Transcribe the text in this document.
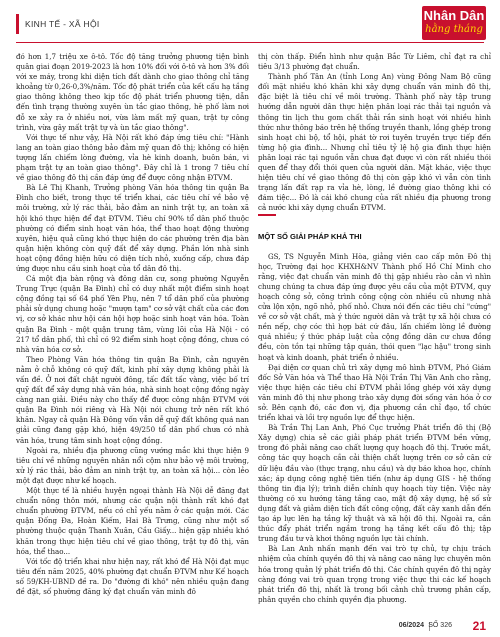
KINH TẾ - XÃ HỘI
Nhân Dân
hằng tháng

đó hơn 1,7 triệu xe ô-tô. Tốc độ tăng trưởng phương tiện bình quân giai đoạn 2019-2023 là hơn 10% đối với ô-tô và hơn 3% đối với xe máy, trong khi diện tích đất dành cho giao thông chỉ tăng khoảng từ 0,26-0,3%/năm. Tốc độ phát triển của kết cấu hạ tầng giao thông không theo kịp tốc độ phát triển phương tiện, dẫn đến tình trạng thường xuyên ùn tắc giao thông, hè phố làm nơi đỗ xe xảy ra ở nhiều nơi, vừa làm mất mỹ quan, trật tự công trình, vừa gây mất trật tự và ùn tắc giao thông".

Với thực tế như vậy, Hà Nội rất khó đáp ứng tiêu chí: "Hành lang an toàn giao thông bảo đảm mỹ quan đô thị; không có hiện tượng lấn chiếm lòng đường, vỉa hè kinh doanh, buôn bán, vi phạm trật tự an toàn giao thông". Đây chỉ là 1 trong 7 tiêu chí về giao thông đô thị cần đáp ứng để được công nhận ĐTVM.

Bà Lê Thị Khanh, Trưởng phòng Văn hóa thông tin quận Ba Đình cho biết, trong thực tế triển khai, các tiêu chí về bảo vệ môi trường, xử lý rác thải, bảo đảm an ninh trật tự, an toàn xã hội khó thực hiện để đạt ĐTVM. Tiêu chí 90% tổ dân phố thuộc phường có điểm sinh hoạt văn hóa, thể thao hoạt động thường xuyên, hiệu quả cũng khó thực hiện do các phường trên địa bàn quận hiện không còn quỹ đất để xây dựng. Phần lớn nhà sinh hoạt cộng đồng hiện hữu có diện tích nhỏ, xuống cấp, chưa đáp ứng được nhu cầu sinh hoạt của tổ dân đô thị.

Cá một địa bàn rộng và đông dân cư, song phường Nguyễn Trung Trực (quận Ba Đình) chỉ có duy nhất một điểm sinh hoạt cộng đồng tại số 64 phố Yên Phụ, nên 7 tổ dân phố của phường phải sử dụng chung hoặc "mượn tạm" cơ sở vật chất của các đơn vị, cơ sở khác như hội cán hội hợp hoặc sinh hoạt văn hóa. Toàn quận Ba Đình - một quận trung tâm, vùng lõi của Hà Nội - có 217 tổ dân phố, thì chỉ có 92 điểm sinh hoạt cộng đồng, chưa có nhà văn hóa cơ sở.

Theo Phòng Văn hóa thông tin quận Ba Đình, cản nguyên nằm ở chỗ không có quỹ đất, kinh phí xây dựng không phải là vấn đề. Ở nơi đất chật người đông, tấc đất tấc vàng, việc bố trí quỹ đất để xây dựng nhà văn hóa, nhà sinh hoạt cộng đồng ngày càng nan giải. Điều này cho thấy để được công nhận ĐTVM với quận Ba Đình nói riêng và Hà Nội nói chung trở nên rất khó khăn. Ngay cả quận Hà Đông vốn vẫn dễ quỹ đất không quá nan giải cũng đang gặp khó, hiện 49/250 tổ dân phố chưa có nhà văn hóa, trung tâm sinh hoạt cộng đồng.

Ngoài ra, nhiều địa phương cũng vướng mắc khi thực hiện 9 tiêu chí về những nguyên nhân nổi cộm như bảo vệ môi trường, xử lý rác thải, bảo đảm an ninh trật tự, an toàn xã hội... còn lẻo một đạt được như kế hoạch.

Một thực tế là nhiều huyện ngoại thành Hà Nội dễ đăng đạt chuẩn nông thôn mới, nhưng các quận nội thành rất khó đạt chuẩn phường ĐTVM, nếu có chỉ yếu nằm ở các quận mới. Các quận Đống Đa, Hoàn Kiếm, Hai Bà Trưng, cũng như một số phường thuộc quận Thanh Xuân, Cầu Giấy... hiện gặp nhiều khó khăn trong thực hiện tiêu chí về giao thông, trật tự đô thị, văn hóa, thể thao...

Với tốc độ triển khai như hiện nay, rất khó để Hà Nội đạt mục tiêu đến năm 2025, 40% phường đạt chuẩn ĐTVM như Kế hoạch số 59/KH-UBND đề ra. Do "đường đi khó" nên nhiều quận đang đề đặt, số phường đăng ký đạt chuẩn văn minh đô

thị còn thấp. Điển hình như quận Bắc Từ Liêm, chỉ đạt ra chỉ tiêu 3/13 phường đạt chuẩn.

Thành phố Tân An (tỉnh Long An) vùng Đông Nam Bộ cũng đối mặt nhiều khó khăn khi xây dựng chuẩn văn minh đô thị, đặc biệt là tiêu chí về môi trường. Thành phố này tập trung hướng dẫn người dân thực hiện phân loại rác thải tại nguồn và thông tin lịch thu gom chất thải rắn sinh hoạt với nhiều hình thức như thông báo trên hệ thống truyền thanh, lồng ghép trong sinh hoạt chi bộ, tổ hội, phát tờ rơi tuyên truyền trực tiếp đến từng hộ gia đình... Nhưng chỉ tiêu tỷ lệ hộ gia đình thực hiện phân loại rác tại nguồn vẫn chưa đạt được vì còn rất nhiều thói quen để thay đổi thói quen của người dân. Mặt khác, việc thực hiện tiêu chí về giao thông đô thị còn gặp khó vì vẫn còn tình trạng lấn đất rạp ra vỉa hè, lòng, lề đường giao thông khi có đám tiệc... Đó là cái khó chung của rất nhiều địa phương trong cả nước khi xây dựng chuẩn ĐTVM.

MỘT SỐ GIẢI PHÁP KHẢ THI

GS, TS Nguyễn Minh Hòa, giảng viên cao cấp môn Đô thị học, Trường đại học KHXH&NV Thành phố Hồ Chí Minh cho rằng, việc đạt chuẩn văn minh đô thị gặp nhiều rào cản vì nhìn chung chúng ta chưa đáp ứng được yêu cầu của một ĐTVM, quy hoạch công sở, công trình công cộng còn nhiều cũ nhưng nhà cửa lộn xộn, ngõ nhỏ, phố nhỏ. Chưa nói đến các tiêu chí "cứng" về cơ sở vật chất, mà ý thức người dân và trật tự xã hội chưa có nền nếp, chợ cóc thì hợp bát cứ đâu, lấn chiếm lòng lề đường quá nhiều; ý thức pháp luật của cộng đồng dân cư chưa đồng đều, còn tồn tại những tập quán, thói quen "lạc hậu" trong sinh hoạt và kinh doanh, phát triển ở nhiều.

Đại diện cơ quan chủ trì xây dựng mô hình ĐTVM, Phó Giám đốc Sở Văn hóa và Thể thao Hà Nội Trần Thị Vân Anh cho rằng, việc thực hiện các tiêu chí ĐTVM phải lồng ghép với xây dựng văn minh đô thị như phong trào xây dựng đời sống văn hóa ở cơ sở. Bên cạnh đó, các đơn vị, địa phương cần chỉ đạo, tổ chức triển khai và lồi trợ nguồn lực để thực hiện.

Bà Trần Thị Lan Anh, Phó Cục trưởng Phát triển đô thị (Bộ Xây dựng) chia sẻ các giải pháp phát triển ĐTVM bền vững, trong đó phải nâng cao chất lượng quy hoạch đô thị. Trước mắt, công tác quy hoạch cần cải thiện chất lượng trên cơ sở cân cứ dữ liệu đầu vào (thực trạng, nhu cầu) và dự báo khoa học, chính xác; áp dụng công nghệ tiên tiến (như áp dụng GIS - hệ thống thông tin địa lý); trình diễn chính quy hoạch tùy tiện. Việc này thường có xu hướng tăng tầng cao, mật độ xây dựng, hệ số sử dụng đất và giảm diện tích đất công cộng, đất cây xanh dẫn đến tạo áp lực lên hạ tầng kỹ thuật và xã hội đô thị. Ngoài ra, cần thúc đẩy phát triển ngầm trong hạ tầng kết cấu đô thị; tập trung đầu tư và khơi thông nguồn lực tài chính.

Bà Lan Anh nhấn mạnh đến vai trò tự chủ, tự chịu trách nhiệm của chính quyền đô thị và nâng cao năng lực chuyên môn hóa trong quản lý phát triển đô thị. Các chính quyền đô thị ngày càng đóng vai trò quan trọng trong việc thực thi các kế hoạch phát triển đô thị, nhất là trong bối cảnh chủ trương phân cấp, phân quyền cho chính quyền địa phương.

06/2024 SỐ 326 21
